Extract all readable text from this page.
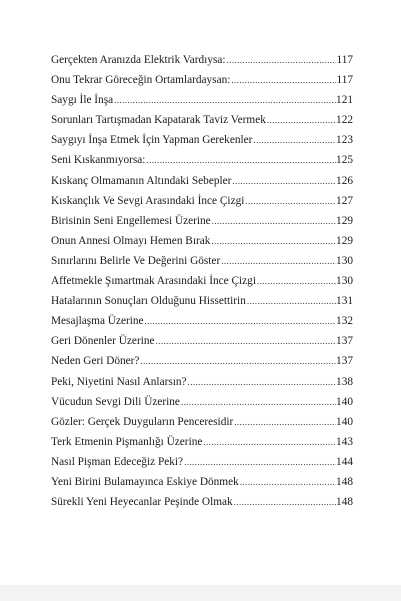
Gerçekten Aranızda Elektrik Vardıysa: .....	117
Onu Tekrar Göreceğin Ortamlardaysan: .....	117
Saygı İle İnşa .....	121
Sorunları Tartışmadan Kapatarak Taviz Vermek .....	122
Saygıyı İnşa Etmek İçin Yapman Gerekenler .....	123
Seni Kıskanmıyorsa: .....	125
Kıskanç Olmamanın Altındaki Sebepler .....	126
Kıskançlık Ve Sevgi Arasındaki İnce Çizgi .....	127
Birisinin Seni Engellemesi Üzerine .....	129
Onun Annesi Olmayı Hemen Bırak .....	129
Sınırlarını Belirle Ve Değerini Göster .....	130
Affetmekle Şımartmak Arasındaki İnce Çizgi .....	130
Hatalarının Sonuçları Olduğunu Hissettirin .....	131
Mesajlaşma Üzerine .....	132
Geri Dönenler Üzerine .....	137
Neden Geri Döner? .....	137
Peki, Niyetini Nasıl Anlarsın? .....	138
Vücudun Sevgi Dili Üzerine .....	140
Gözler: Gerçek Duyguların Penceresidir .....	140
Terk Etmenin Pişmanlığı Üzerine .....	143
Nasıl Pişman Edeceğiz Peki? .....	144
Yeni Birini Bulamayınca Eskiye Dönmek .....	148
Sürekli Yeni Heyecanlar Peşinde Olmak .....	148
